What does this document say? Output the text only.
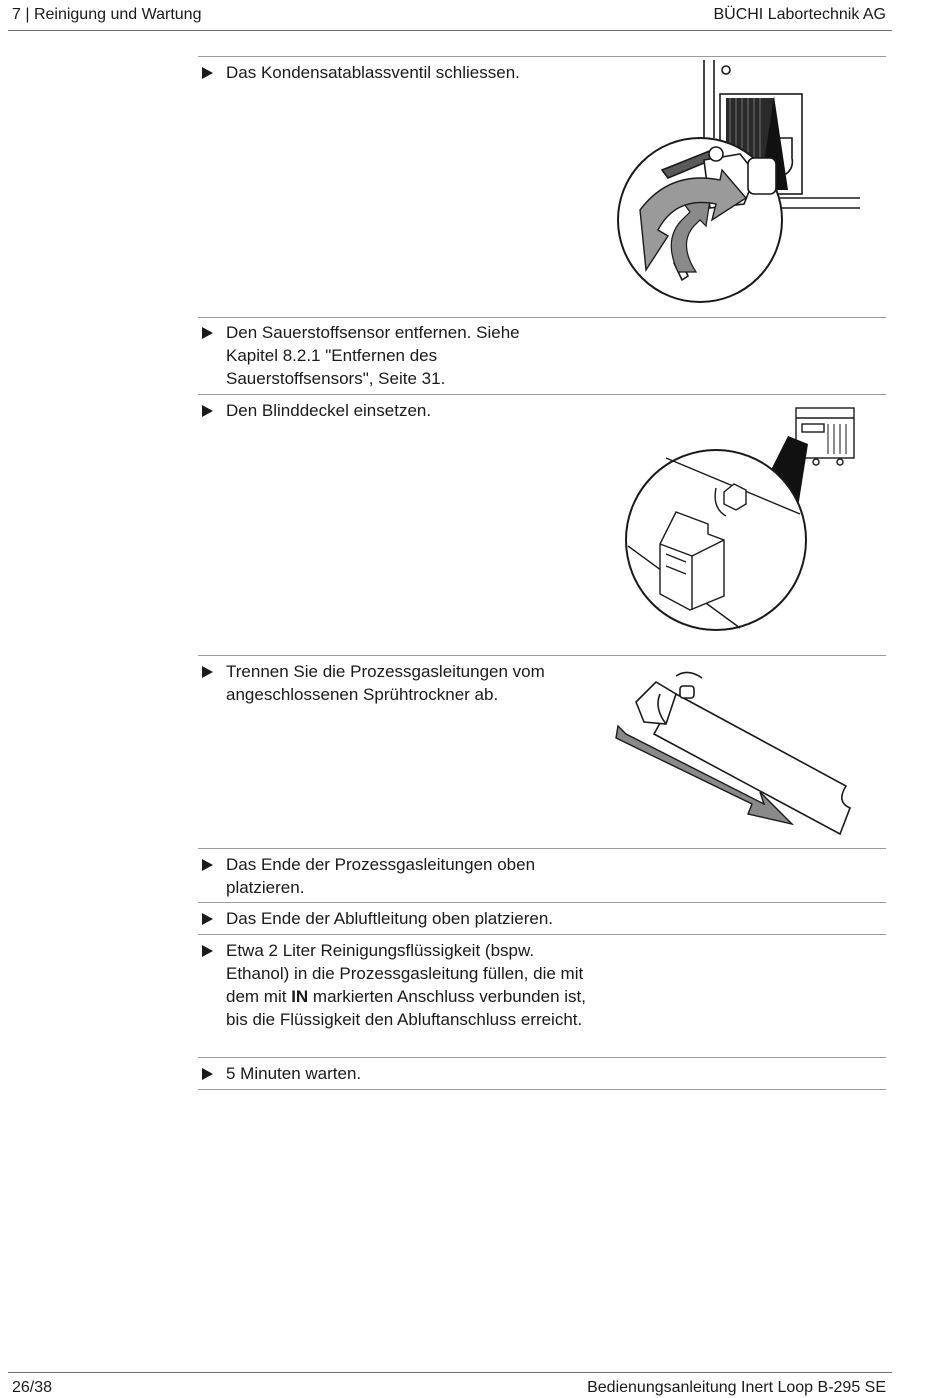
7 | Reinigung und Wartung	BÜCHI Labortechnik AG
Das Kondensatablassventil schliessen.
Den Sauerstoffsensor entfernen. Siehe Kapitel 8.2.1 "Entfernen des Sauerstoffsensors", Seite 31.
Den Blinddeckel einsetzen.
Trennen Sie die Prozessgasleitungen vom angeschlossenen Sprühtrockner ab.
Das Ende der Prozessgasleitungen oben platzieren.
Das Ende der Abluftleitung oben platzieren.
Etwa 2 Liter Reinigungsflüssigkeit (bspw. Ethanol) in die Prozessgasleitung füllen, die mit dem mit IN markierten Anschluss verbunden ist, bis die Flüssigkeit den Abluftanschluss erreicht.
5 Minuten warten.
26/38	Bedienungsanleitung Inert Loop B-295 SE
